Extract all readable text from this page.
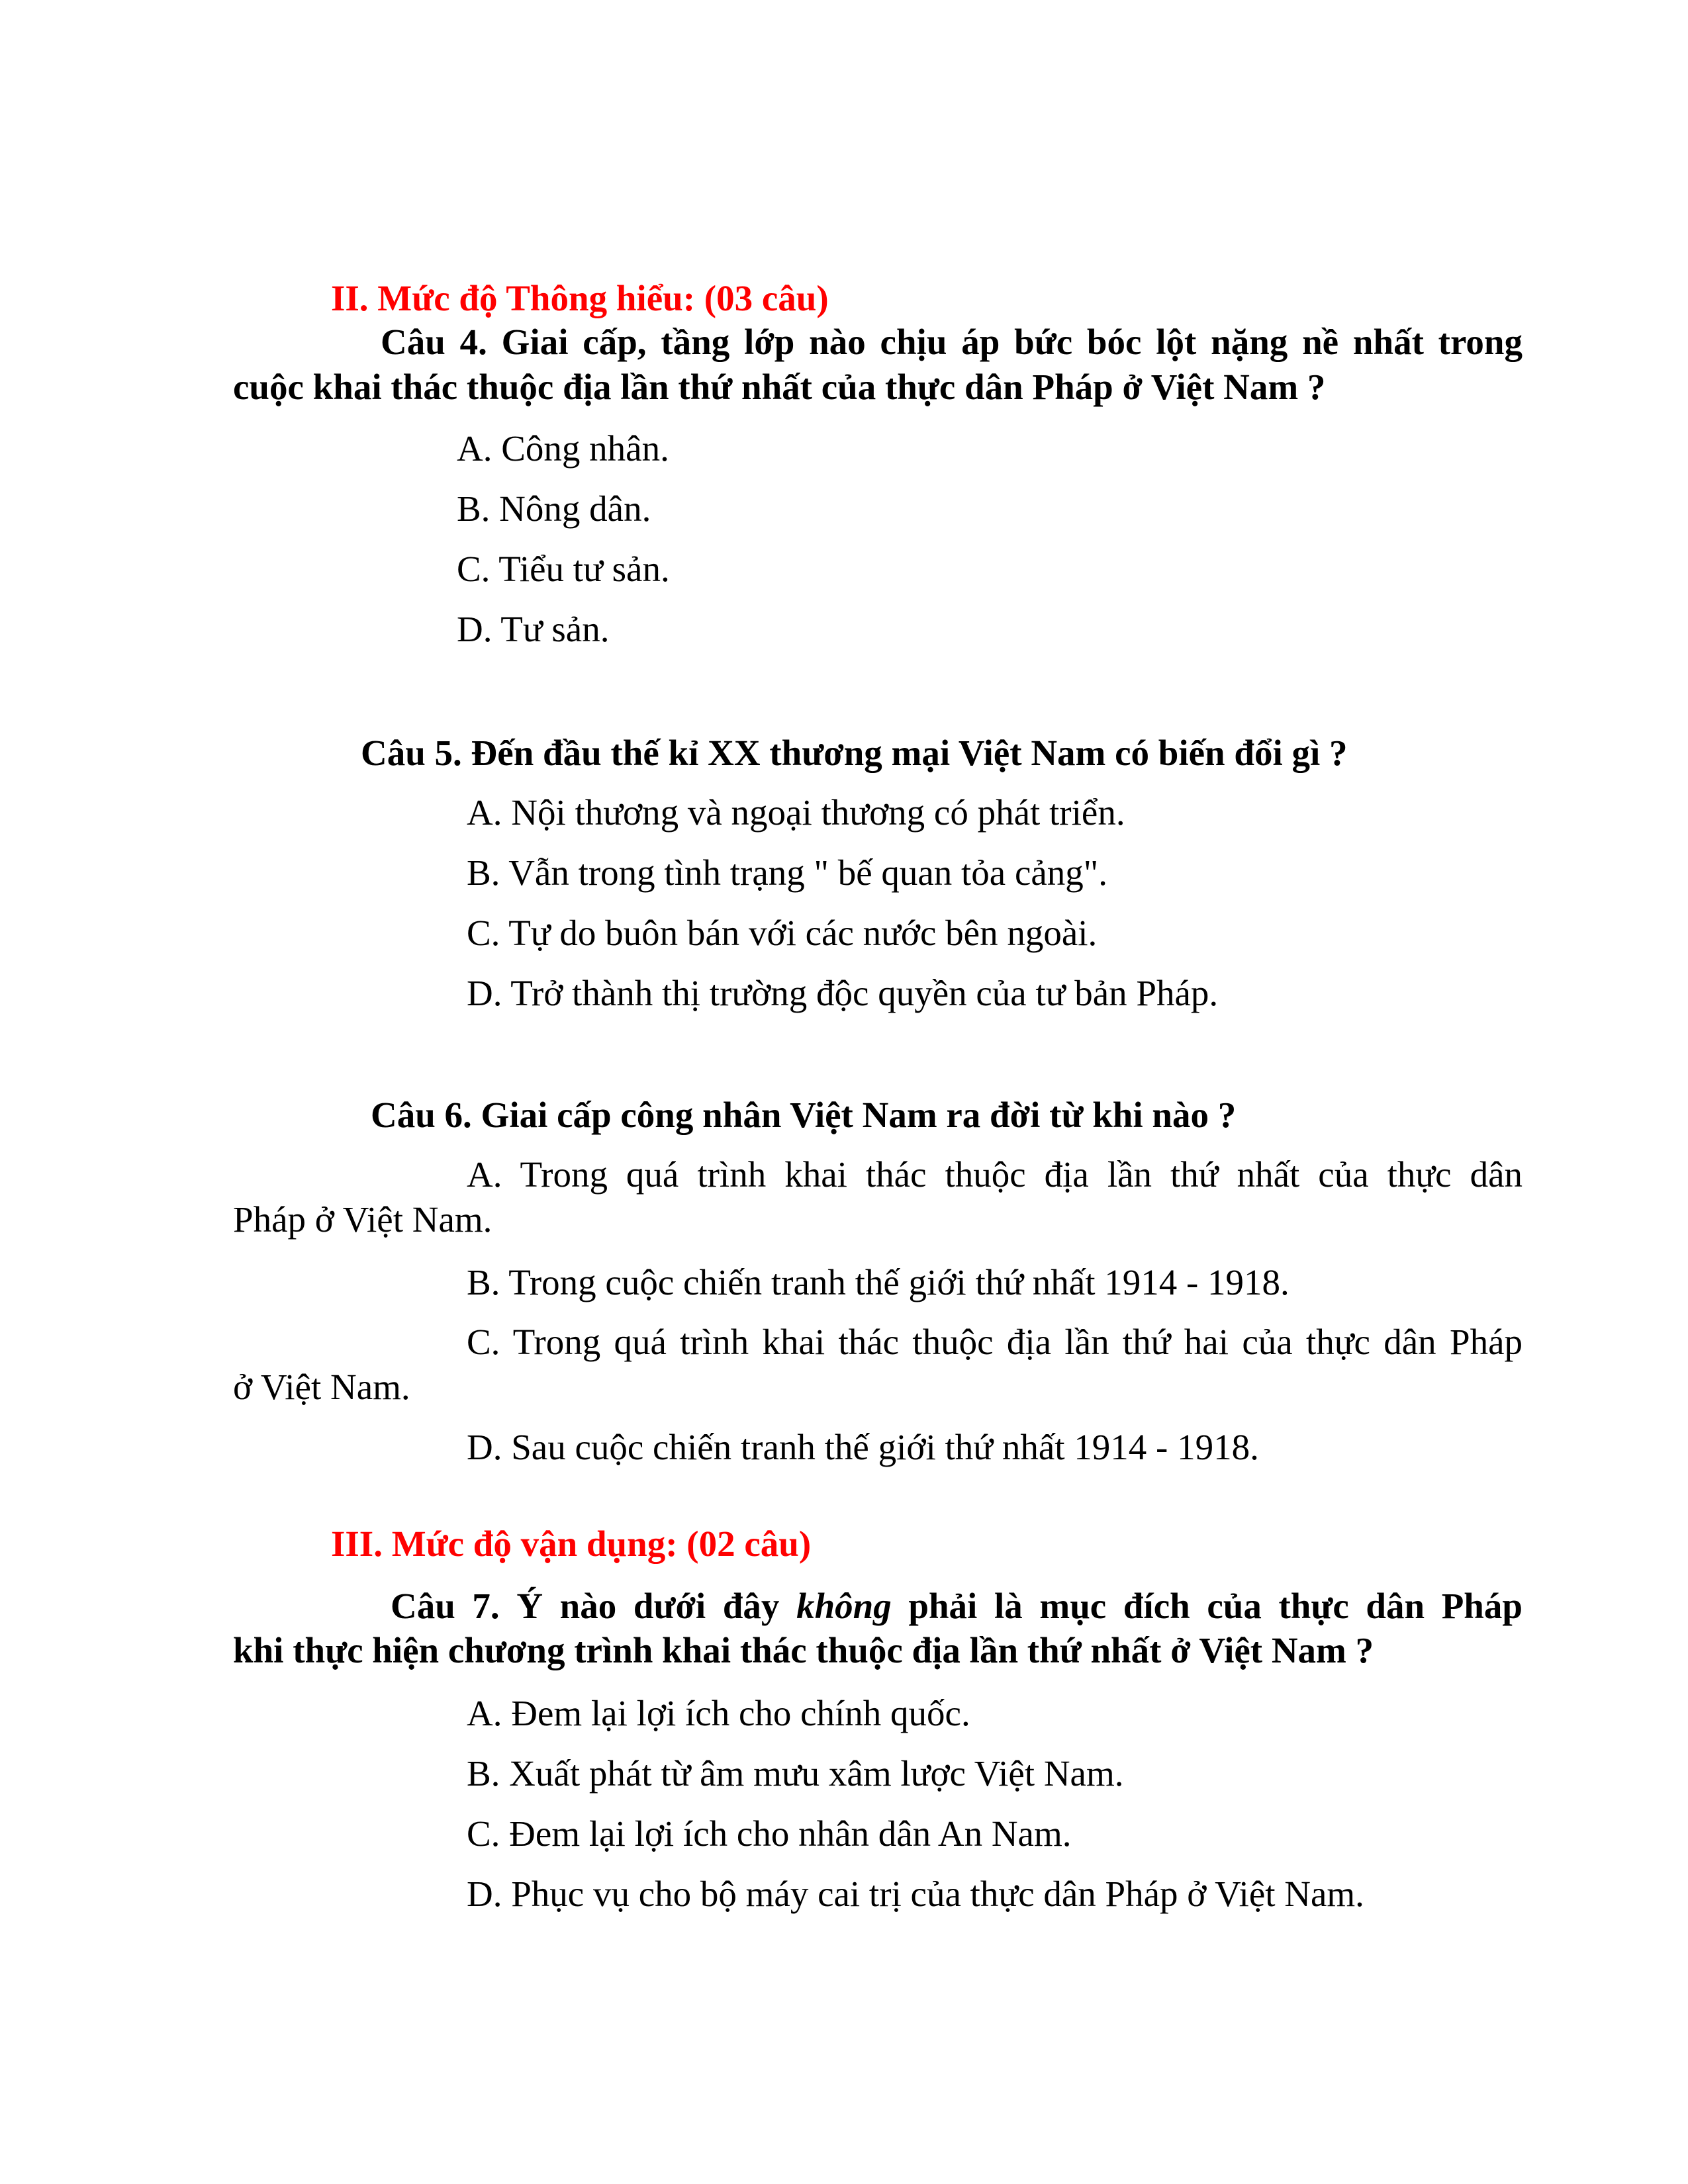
II. Mức độ Thông hiểu: (03 câu)

Câu 4. Giai cấp, tầng lớp nào chịu áp bức bóc lột nặng nề nhất trong

cuộc khai thác thuộc địa lần thứ nhất của thực dân Pháp ở Việt Nam ?

A. Công nhân.

B. Nông dân.

C. Tiểu tư sản.

D. Tư sản.

Câu 5. Đến đầu thế kỉ XX thương mại Việt Nam có biến đổi gì ?

A. Nội thương và ngoại thương có phát triển.

B. Vẫn trong tình trạng " bế quan tỏa cảng".

C. Tự do buôn bán với các nước bên ngoài.

D. Trở thành thị trường độc quyền của tư bản Pháp.

Câu 6. Giai cấp công nhân Việt Nam ra đời từ khi nào ?

A. Trong quá trình khai thác thuộc địa lần thứ nhất của thực dân

Pháp ở Việt Nam.

B. Trong cuộc chiến tranh thế giới thứ nhất 1914 - 1918.

C. Trong quá trình khai thác thuộc địa lần thứ hai của thực dân Pháp

ở Việt Nam.

D. Sau cuộc chiến tranh thế giới thứ nhất 1914 - 1918.

III. Mức độ vận dụng: (02 câu)

Câu 7. Ý nào dưới đây không phải là mục đích của thực dân Pháp

khi thực hiện chương trình khai thác thuộc địa lần thứ nhất ở Việt Nam ?

A. Đem lại lợi ích cho chính quốc.

B. Xuất phát từ âm mưu xâm lược Việt Nam.

C. Đem lại lợi ích cho nhân dân An Nam.

D. Phục vụ cho bộ máy cai trị của thực dân Pháp ở Việt Nam.
